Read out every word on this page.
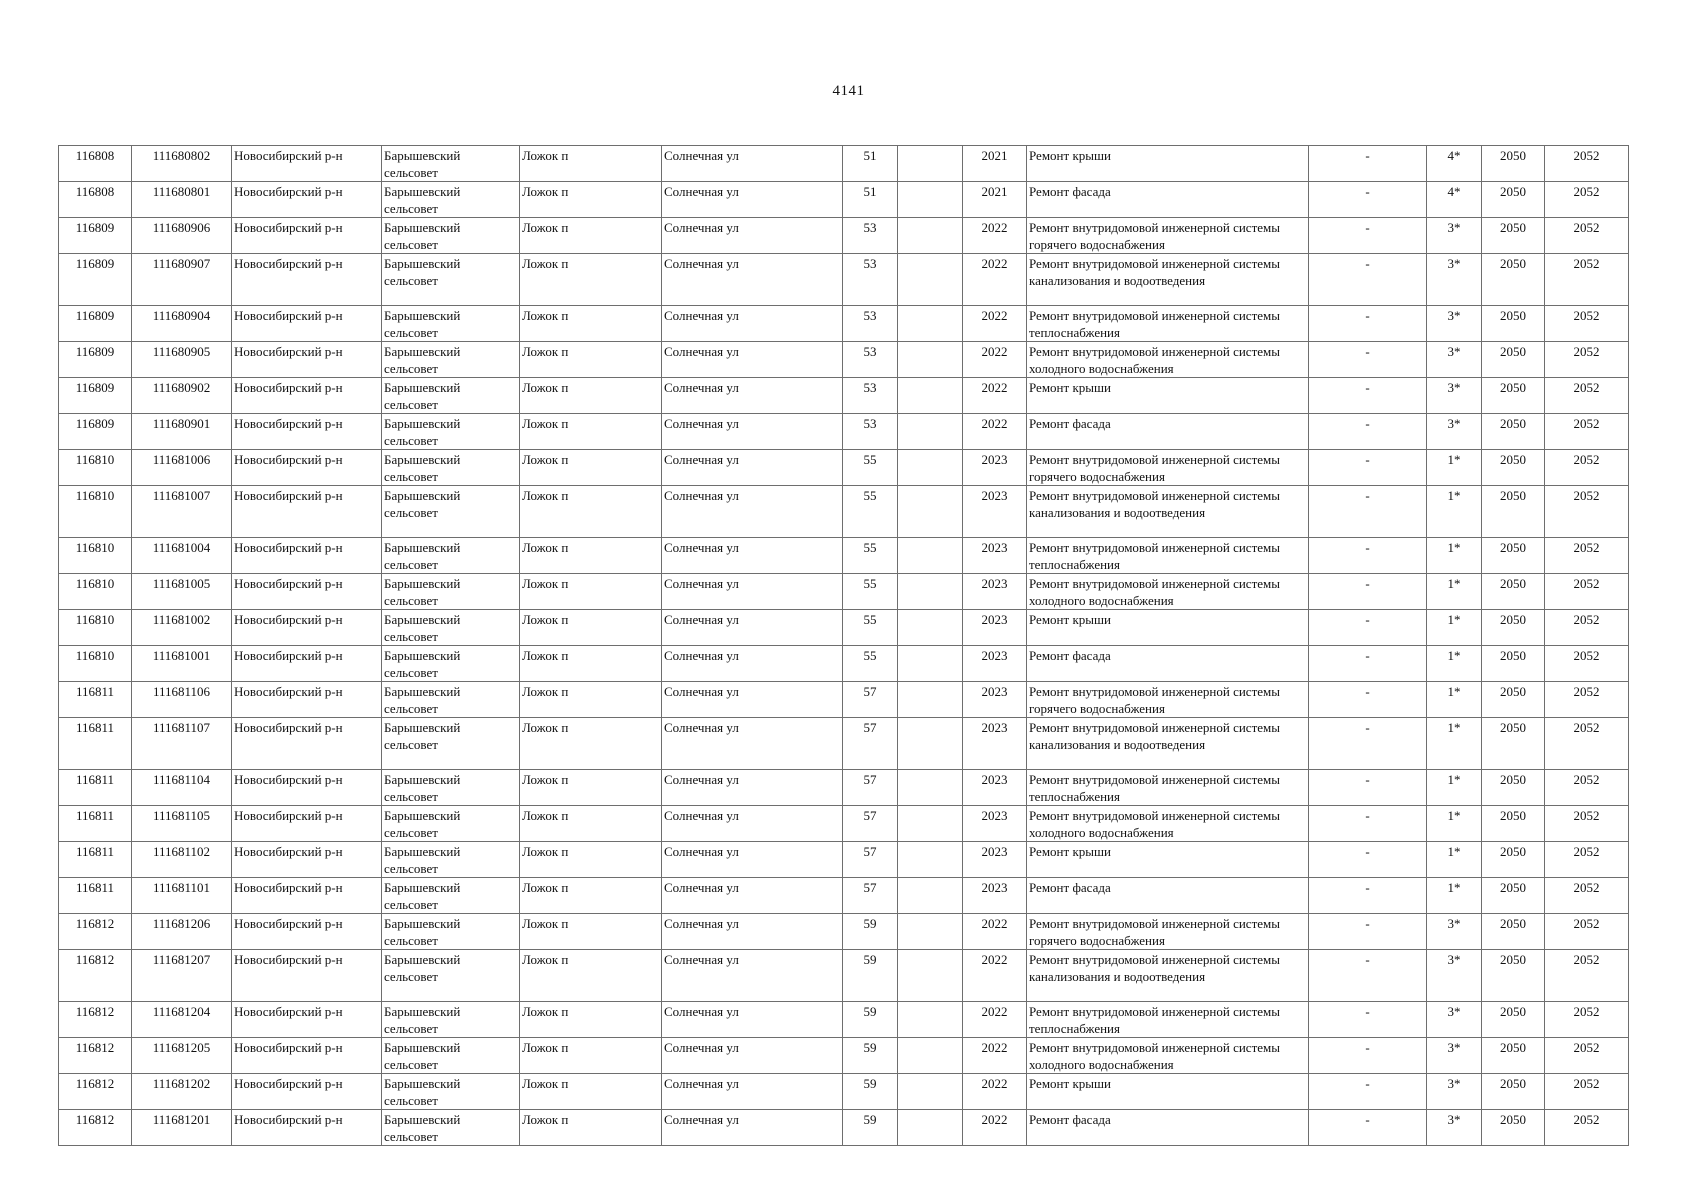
4141
116808	111680802	Новосибирский р-н	Барышевский сельсовет	Ложок п	Солнечная ул	51		2021	Ремонт крыши	-	4*	2050	2052
116808	111680801	Новосибирский р-н	Барышевский сельсовет	Ложок п	Солнечная ул	51		2021	Ремонт фасада	-	4*	2050	2052
116809	111680906	Новосибирский р-н	Барышевский сельсовет	Ложок п	Солнечная ул	53		2022	Ремонт внутридомовой инженерной системы горячего водоснабжения	-	3*	2050	2052
116809	111680907	Новосибирский р-н	Барышевский сельсовет	Ложок п	Солнечная ул	53		2022	Ремонт внутридомовой инженерной системы канализования и водоотведения	-	3*	2050	2052
116809	111680904	Новосибирский р-н	Барышевский сельсовет	Ложок п	Солнечная ул	53		2022	Ремонт внутридомовой инженерной системы теплоснабжения	-	3*	2050	2052
116809	111680905	Новосибирский р-н	Барышевский сельсовет	Ложок п	Солнечная ул	53		2022	Ремонт внутридомовой инженерной системы холодного водоснабжения	-	3*	2050	2052
116809	111680902	Новосибирский р-н	Барышевский сельсовет	Ложок п	Солнечная ул	53		2022	Ремонт крыши	-	3*	2050	2052
116809	111680901	Новосибирский р-н	Барышевский сельсовет	Ложок п	Солнечная ул	53		2022	Ремонт фасада	-	3*	2050	2052
116810	111681006	Новосибирский р-н	Барышевский сельсовет	Ложок п	Солнечная ул	55		2023	Ремонт внутридомовой инженерной системы горячего водоснабжения	-	1*	2050	2052
116810	111681007	Новосибирский р-н	Барышевский сельсовет	Ложок п	Солнечная ул	55		2023	Ремонт внутридомовой инженерной системы канализования и водоотведения	-	1*	2050	2052
116810	111681004	Новосибирский р-н	Барышевский сельсовет	Ложок п	Солнечная ул	55		2023	Ремонт внутридомовой инженерной системы теплоснабжения	-	1*	2050	2052
116810	111681005	Новосибирский р-н	Барышевский сельсовет	Ложок п	Солнечная ул	55		2023	Ремонт внутридомовой инженерной системы холодного водоснабжения	-	1*	2050	2052
116810	111681002	Новосибирский р-н	Барышевский сельсовет	Ложок п	Солнечная ул	55		2023	Ремонт крыши	-	1*	2050	2052
116810	111681001	Новосибирский р-н	Барышевский сельсовет	Ложок п	Солнечная ул	55		2023	Ремонт фасада	-	1*	2050	2052
116811	111681106	Новосибирский р-н	Барышевский сельсовет	Ложок п	Солнечная ул	57		2023	Ремонт внутридомовой инженерной системы горячего водоснабжения	-	1*	2050	2052
116811	111681107	Новосибирский р-н	Барышевский сельсовет	Ложок п	Солнечная ул	57		2023	Ремонт внутридомовой инженерной системы канализования и водоотведения	-	1*	2050	2052
116811	111681104	Новосибирский р-н	Барышевский сельсовет	Ложок п	Солнечная ул	57		2023	Ремонт внутридомовой инженерной системы теплоснабжения	-	1*	2050	2052
116811	111681105	Новосибирский р-н	Барышевский сельсовет	Ложок п	Солнечная ул	57		2023	Ремонт внутридомовой инженерной системы холодного водоснабжения	-	1*	2050	2052
116811	111681102	Новосибирский р-н	Барышевский сельсовет	Ложок п	Солнечная ул	57		2023	Ремонт крыши	-	1*	2050	2052
116811	111681101	Новосибирский р-н	Барышевский сельсовет	Ложок п	Солнечная ул	57		2023	Ремонт фасада	-	1*	2050	2052
116812	111681206	Новосибирский р-н	Барышевский сельсовет	Ложок п	Солнечная ул	59		2022	Ремонт внутридомовой инженерной системы горячего водоснабжения	-	3*	2050	2052
116812	111681207	Новосибирский р-н	Барышевский сельсовет	Ложок п	Солнечная ул	59		2022	Ремонт внутридомовой инженерной системы канализования и водоотведения	-	3*	2050	2052
116812	111681204	Новосибирский р-н	Барышевский сельсовет	Ложок п	Солнечная ул	59		2022	Ремонт внутридомовой инженерной системы теплоснабжения	-	3*	2050	2052
116812	111681205	Новосибирский р-н	Барышевский сельсовет	Ложок п	Солнечная ул	59		2022	Ремонт внутридомовой инженерной системы холодного водоснабжения	-	3*	2050	2052
116812	111681202	Новосибирский р-н	Барышевский сельсовет	Ложок п	Солнечная ул	59		2022	Ремонт крыши	-	3*	2050	2052
116812	111681201	Новосибирский р-н	Барышевский сельсовет	Ложок п	Солнечная ул	59		2022	Ремонт фасада	-	3*	2050	2052
